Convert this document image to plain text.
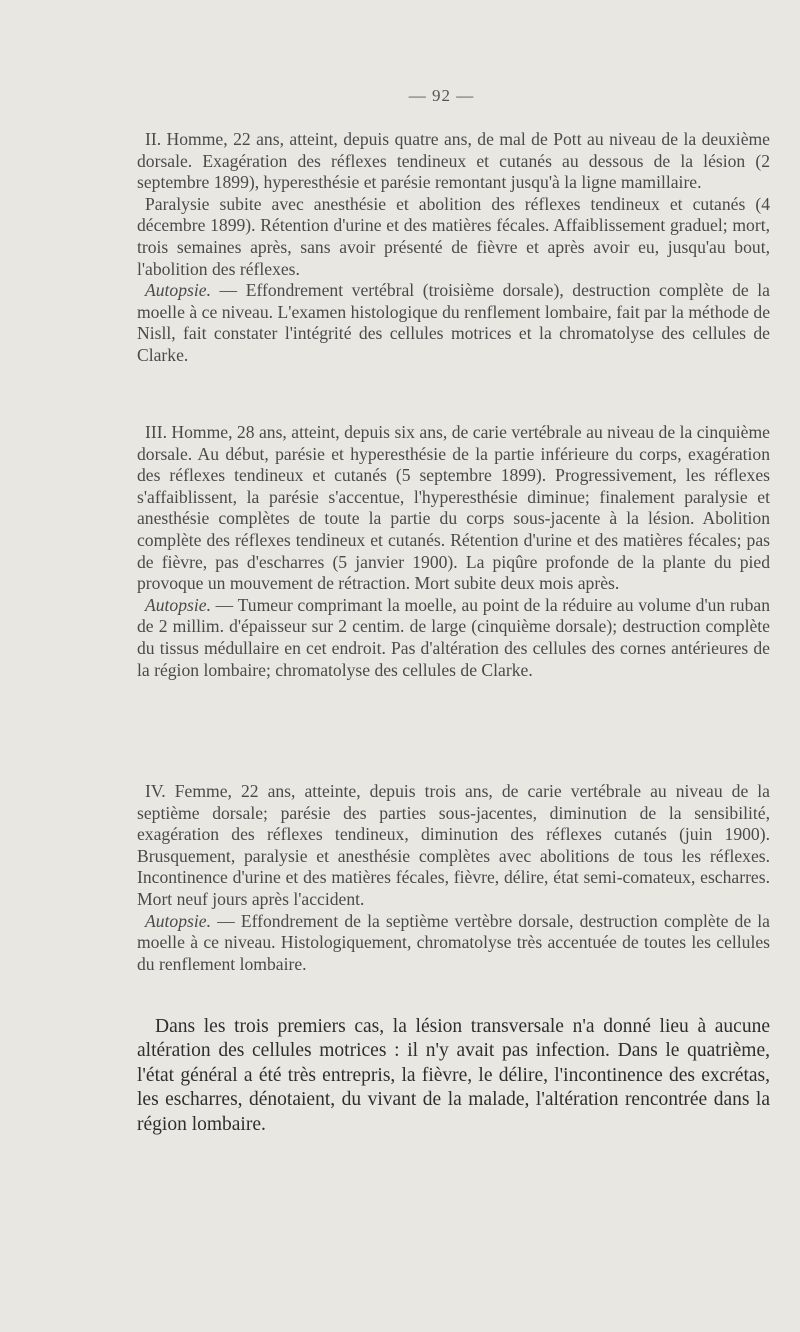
— 92 —

II. Homme, 22 ans, atteint, depuis quatre ans, de mal de Pott au niveau de la deuxième dorsale. Exagération des réflexes tendineux et cutanés au dessous de la lésion (2 septembre 1899), hyperesthésie et parésie remontant jusqu'à la ligne mamillaire.

Paralysie subite avec anesthésie et abolition des réflexes tendineux et cutanés (4 décembre 1899). Rétention d'urine et des matières fécales. Affaiblissement graduel; mort, trois semaines après, sans avoir présenté de fièvre et après avoir eu, jusqu'au bout, l'abolition des réflexes.

Autopsie. — Effondrement vertébral (troisième dorsale), destruction complète de la moelle à ce niveau. L'examen histologique du renflement lombaire, fait par la méthode de Nisll, fait constater l'intégrité des cellules motrices et la chromatolyse des cellules de Clarke.

III. Homme, 28 ans, atteint, depuis six ans, de carie vertébrale au niveau de la cinquième dorsale. Au début, parésie et hyperesthésie de la partie inférieure du corps, exagération des réflexes tendineux et cutanés (5 septembre 1899). Progressivement, les réflexes s'affaiblissent, la parésie s'accentue, l'hyperesthésie diminue; finalement paralysie et anesthésie complètes de toute la partie du corps sous-jacente à la lésion. Abolition complète des réflexes tendineux et cutanés. Rétention d'urine et des matières fécales; pas de fièvre, pas d'escharres (5 janvier 1900). La piqûre profonde de la plante du pied provoque un mouvement de rétraction. Mort subite deux mois après.

Autopsie. — Tumeur comprimant la moelle, au point de la réduire au volume d'un ruban de 2 millim. d'épaisseur sur 2 centim. de large (cinquième dorsale); destruction complète du tissus médullaire en cet endroit. Pas d'altération des cellules des cornes antérieures de la région lombaire; chromatolyse des cellules de Clarke.

IV. Femme, 22 ans, atteinte, depuis trois ans, de carie vertébrale au niveau de la septième dorsale; parésie des parties sous-jacentes, diminution de la sensibilité, exagération des réflexes tendineux, diminution des réflexes cutanés (juin 1900). Brusquement, paralysie et anesthésie complètes avec abolitions de tous les réflexes. Incontinence d'urine et des matières fécales, fièvre, délire, état semi-comateux, escharres. Mort neuf jours après l'accident.

Autopsie. — Effondrement de la septième vertèbre dorsale, destruction complète de la moelle à ce niveau. Histologiquement, chromatolyse très accentuée de toutes les cellules du renflement lombaire.

Dans les trois premiers cas, la lésion transversale n'a donné lieu à aucune altération des cellules motrices : il n'y avait pas infection. Dans le quatrième, l'état général a été très entrepris, la fièvre, le délire, l'incontinence des excrétas, les escharres, dénotaient, du vivant de la malade, l'altération rencontrée dans la région lombaire.
